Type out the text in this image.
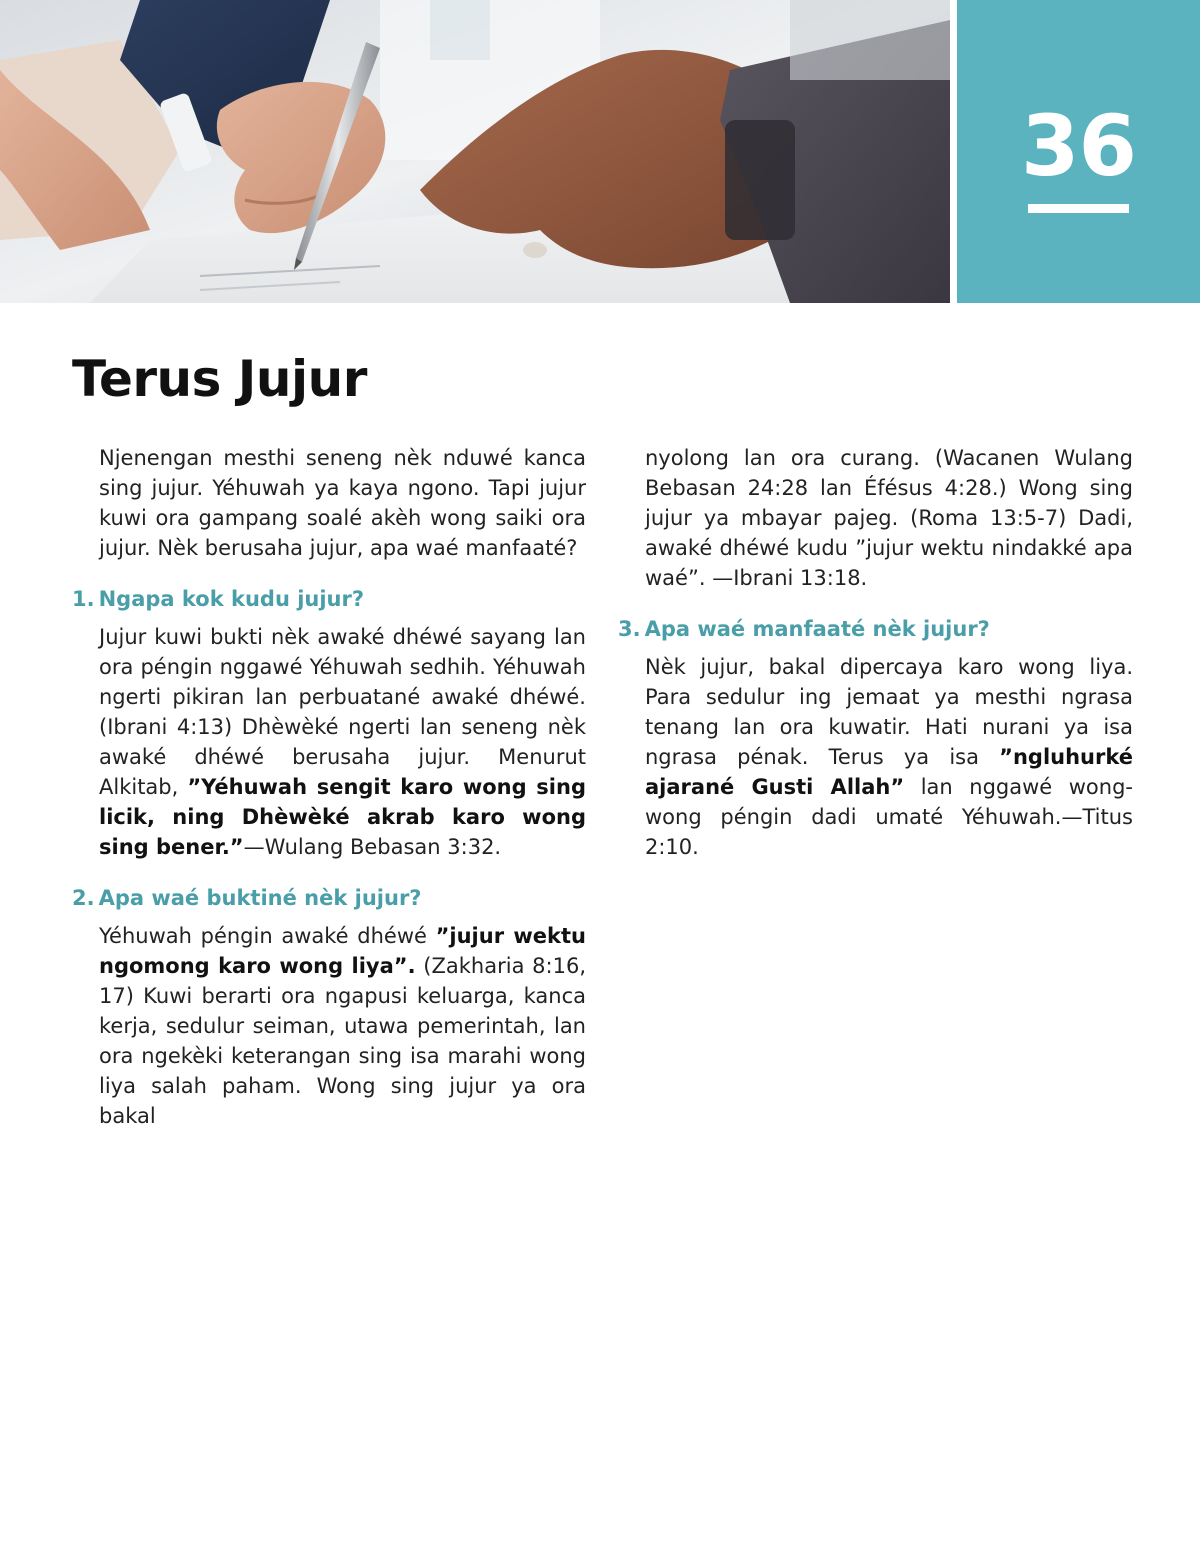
36
Terus Jujur

Njenengan mesthi seneng nèk nduwé kanca sing jujur. Yéhuwah ya kaya ngono. Tapi jujur kuwi ora gampang soalé akèh wong saiki ora jujur. Nèk berusaha jujur, apa waé manfaaté?

1. Ngapa kok kudu jujur?

Jujur kuwi bukti nèk awaké dhéwé sayang lan ora péngin nggawé Yéhuwah sedhih. Yéhuwah ngerti pikiran lan perbuatané awaké dhéwé. (Ibrani 4:13) Dhèwèké ngerti lan seneng nèk awaké dhéwé berusaha jujur. Menurut Alkitab, ”Yéhuwah sengit karo wong sing licik, ning Dhèwèké akrab karo wong sing bener.”—Wulang Bebasan 3:32.

2. Apa waé buktiné nèk jujur?

Yéhuwah péngin awaké dhéwé ”jujur wektu ngomong karo wong liya”. (Zakharia 8:16, 17) Kuwi berarti ora ngapusi keluarga, kanca kerja, sedulur seiman, utawa pemerintah, lan ora ngekèki keterangan sing isa marahi wong liya salah paham. Wong sing jujur ya ora bakal

nyolong lan ora curang. (Wacanen Wulang Bebasan 24:28 lan Éfésus 4:28.) Wong sing jujur ya mbayar pajeg. (Roma 13:5-7) Dadi, awaké dhéwé kudu ”jujur wektu nindakké apa waé”. —Ibrani 13:18.

3. Apa waé manfaaté nèk jujur?

Nèk jujur, bakal dipercaya karo wong liya. Para sedulur ing jemaat ya mesthi ngrasa tenang lan ora kuwatir. Hati nurani ya isa ngrasa pénak. Terus ya isa ”ngluhurké ajarané Gusti Allah” lan nggawé wong-wong péngin dadi umaté Yéhuwah.—Titus 2:10.
